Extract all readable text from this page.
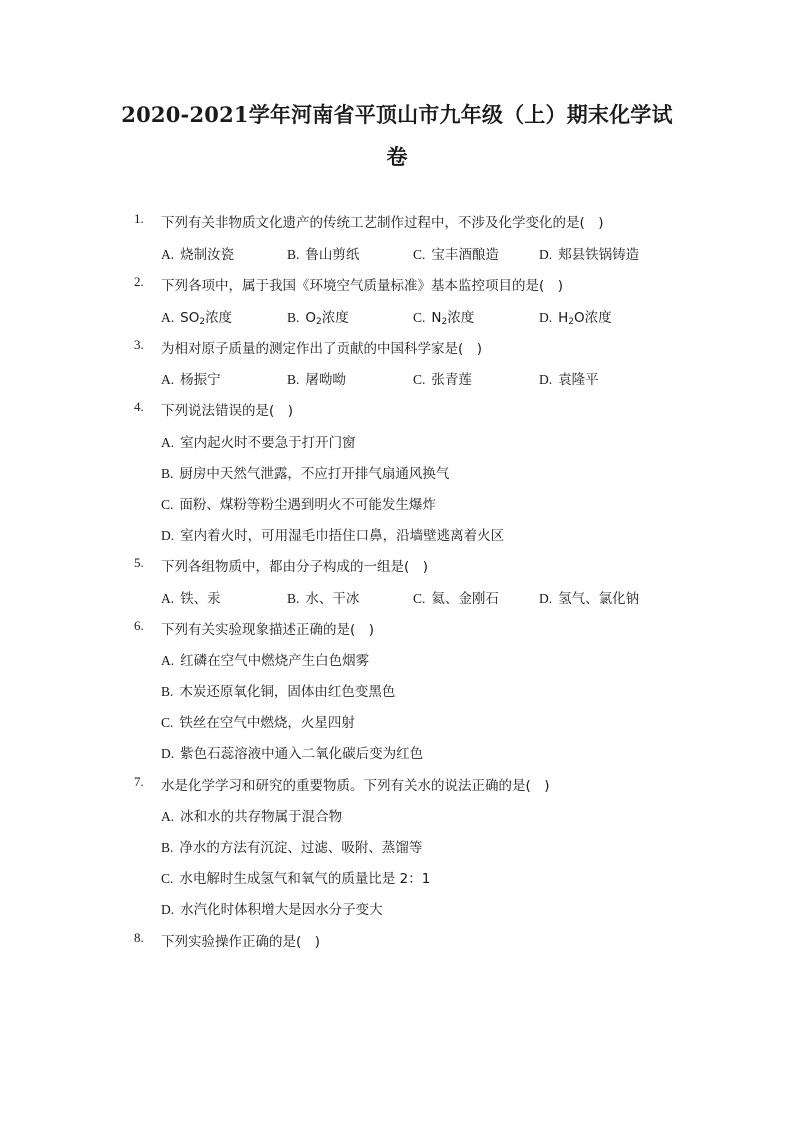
2020-2021学年河南省平顶山市九年级（上）期末化学试
卷
1.	下列有关非物质文化遗产的传统工艺制作过程中，不涉及化学变化的是(　)
A. 烧制汝瓷	B. 鲁山剪纸	C. 宝丰酒酿造	D. 郏县铁锅铸造
2.	下列各项中，属于我国《环境空气质量标准》基本监控项目的是(　)
A. $SO_2$浓度	B. $O_2$浓度	C. $N_2$浓度	D. $H_2O$浓度
3.	为相对原子质量的测定作出了贡献的中国科学家是(　)
A. 杨振宁	B. 屠呦呦	C. 张青莲	D. 袁隆平
4.	下列说法错误的是(　)
A. 室内起火时不要急于打开门窗
B. 厨房中天然气泄露，不应打开排气扇通风换气
C. 面粉、煤粉等粉尘遇到明火不可能发生爆炸
D. 室内着火时，可用湿毛巾捂住口鼻，沿墙壁逃离着火区
5.	下列各组物质中，都由分子构成的一组是(　)
A. 铁、汞	B. 水、干冰	C. 氦、金刚石	D. 氢气、氯化钠
6.	下列有关实验现象描述正确的是(　)
A. 红磷在空气中燃烧产生白色烟雾
B. 木炭还原氧化铜，固体由红色变黑色
C. 铁丝在空气中燃烧，火星四射
D. 紫色石蕊溶液中通入二氧化碳后变为红色
7.	水是化学学习和研究的重要物质。下列有关水的说法正确的是(　)
A. 冰和水的共存物属于混合物
B. 净水的方法有沉淀、过滤、吸附、蒸馏等
C. 水电解时生成氢气和氧气的质量比是 2：1
D. 水汽化时体积增大是因水分子变大
8.	下列实验操作正确的是(　)
